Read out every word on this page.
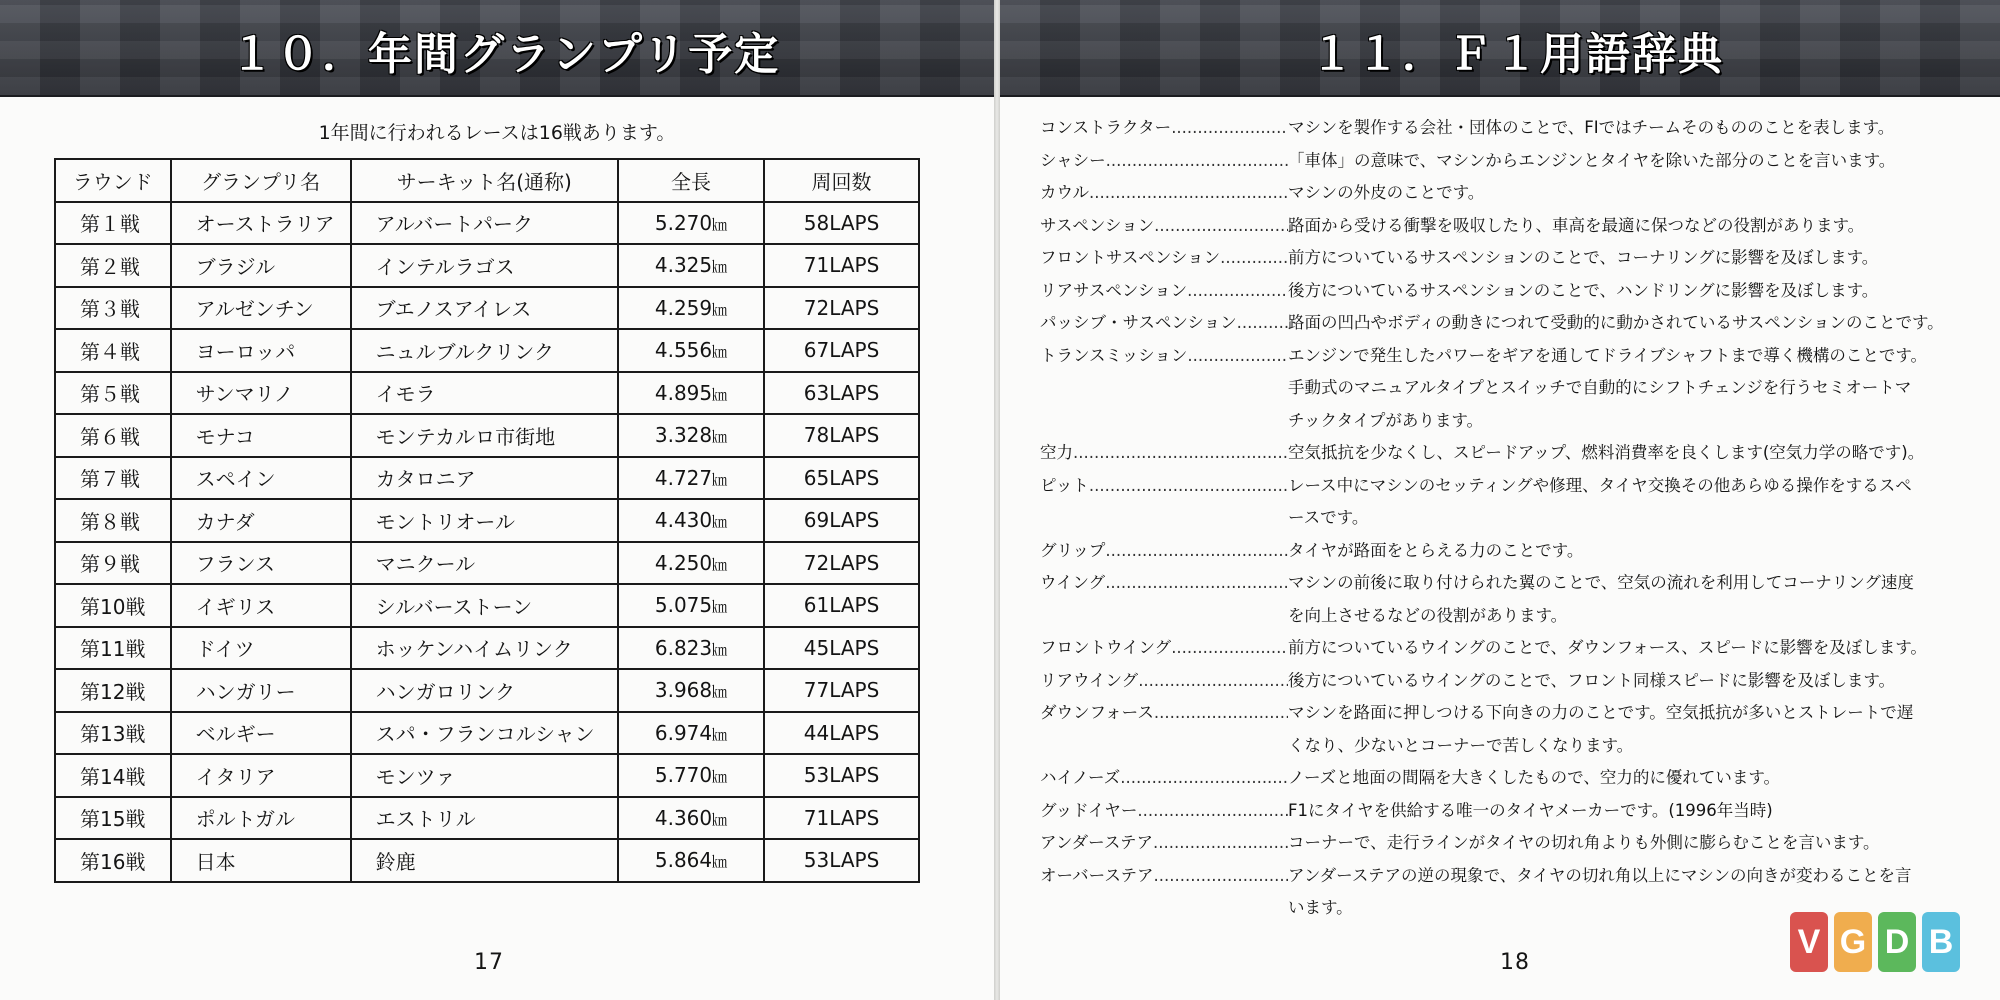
１０．年間グランプリ予定
1年間に行われるレースは16戦あります。
ラウンド	グランプリ名	サーキット名(通称)	全長	周回数
第１戦	オーストラリア	アルバートパーク	5.270㎞	58LAPS
第２戦	ブラジル	インテルラゴス	4.325㎞	71LAPS
第３戦	アルゼンチン	ブエノスアイレス	4.259㎞	72LAPS
第４戦	ヨーロッパ	ニュルブルクリンク	4.556㎞	67LAPS
第５戦	サンマリノ	イモラ	4.895㎞	63LAPS
第６戦	モナコ	モンテカルロ市街地	3.328㎞	78LAPS
第７戦	スペイン	カタロニア	4.727㎞	65LAPS
第８戦	カナダ	モントリオール	4.430㎞	69LAPS
第９戦	フランス	マニクール	4.250㎞	72LAPS
第10戦	イギリス	シルバーストーン	5.075㎞	61LAPS
第11戦	ドイツ	ホッケンハイムリンク	6.823㎞	45LAPS
第12戦	ハンガリー	ハンガロリンク	3.968㎞	77LAPS
第13戦	ベルギー	スパ・フランコルシャン	6.974㎞	44LAPS
第14戦	イタリア	モンツァ	5.770㎞	53LAPS
第15戦	ポルトガル	エストリル	4.360㎞	71LAPS
第16戦	日本	鈴鹿	5.864㎞	53LAPS
17
１１．Ｆ１用語辞典
コンストラクター .....	マシンを製作する会社・団体のことで、FIではチームそのもののことを表します。
シャシー .....	「車体」の意味で、マシンからエンジンとタイヤを除いた部分のことを言います。
カウル .....	マシンの外皮のことです。
サスペンション .....	路面から受ける衝撃を吸収したり、車高を最適に保つなどの役割があります。
フロントサスペンション .....	前方についているサスペンションのことで、コーナリングに影響を及ぼします。
リアサスペンション .....	後方についているサスペンションのことで、ハンドリングに影響を及ぼします。
パッシブ・サスペンション .....	路面の凹凸やボディの動きにつれて受動的に動かされているサスペンションのことです。
トランスミッション .....	エンジンで発生したパワーをギアを通してドライブシャフトまで導く機構のことです。
手動式のマニュアルタイプとスイッチで自動的にシフトチェンジを行うセミオートマ
チックタイプがあります。
空力 .....	空気抵抗を少なくし、スピードアップ、燃料消費率を良くします(空気力学の略です)。
ピット .....	レース中にマシンのセッティングや修理、タイヤ交換その他あらゆる操作をするスペ
ースです。
グリップ .....	タイヤが路面をとらえる力のことです。
ウイング .....	マシンの前後に取り付けられた翼のことで、空気の流れを利用してコーナリング速度
を向上させるなどの役割があります。
フロントウイング .....	前方についているウイングのことで、ダウンフォース、スピードに影響を及ぼします。
リアウイング .....	後方についているウイングのことで、フロント同様スピードに影響を及ぼします。
ダウンフォース .....	マシンを路面に押しつける下向きの力のことです。空気抵抗が多いとストレートで遅
くなり、少ないとコーナーで苦しくなります。
ハイノーズ .....	ノーズと地面の間隔を大きくしたもので、空力的に優れています。
グッドイヤー .....	F1にタイヤを供給する唯一のタイヤメーカーです。(1996年当時)
アンダーステア .....	コーナーで、走行ラインがタイヤの切れ角よりも外側に膨らむことを言います。
オーバーステア .....	アンダーステアの逆の現象で、タイヤの切れ角以上にマシンの向きが変わることを言
います。
18
V G D B
